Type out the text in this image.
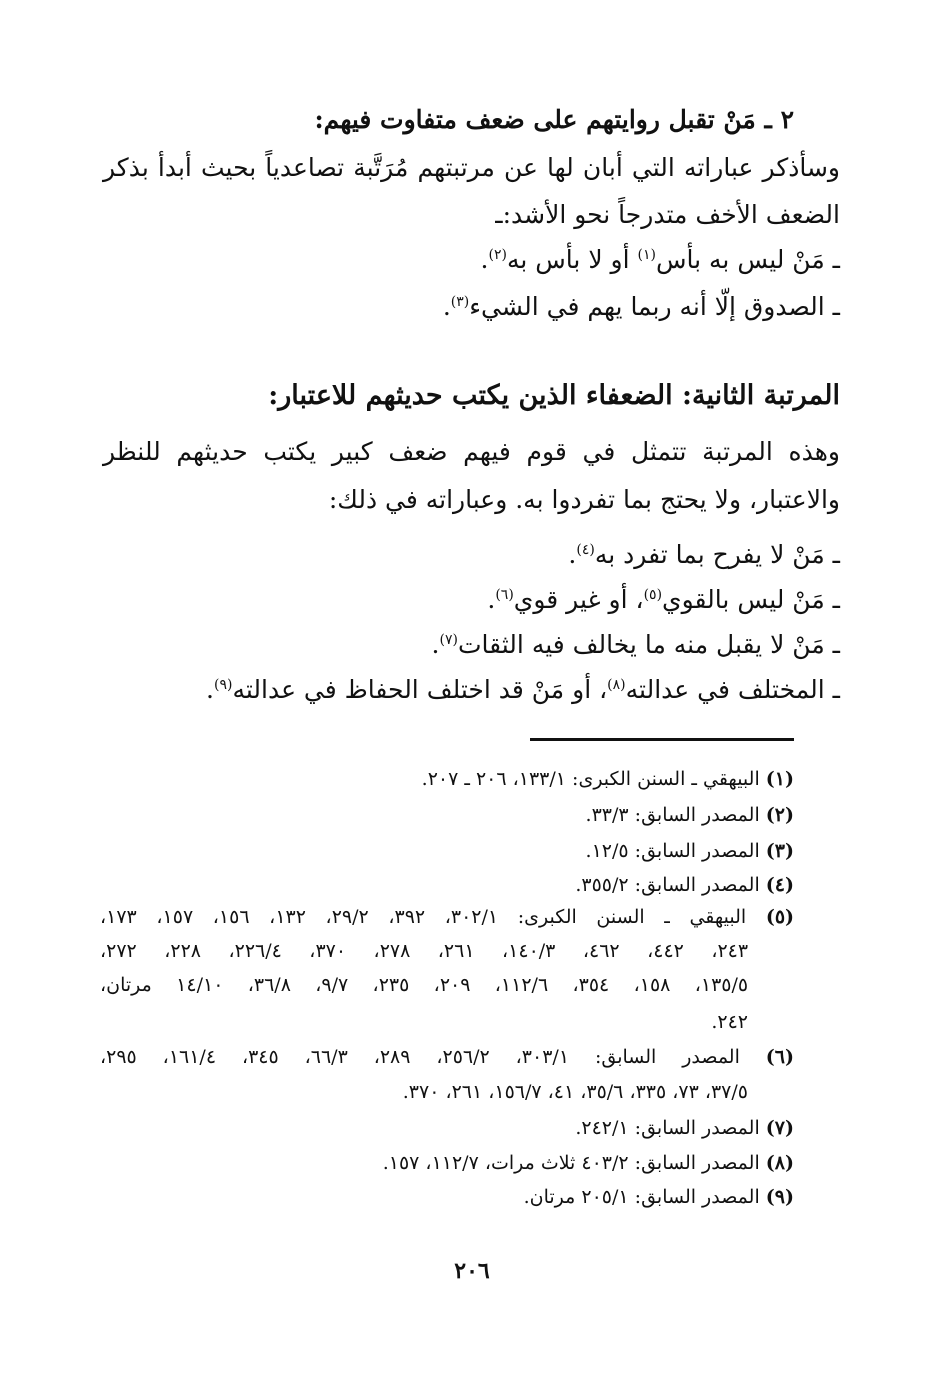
٢ ـ مَنْ تقبل روايتهم على ضعف متفاوت فيهم:
وسأذكر عباراته التي أبان لها عن مرتبتهم مُرَتَّبة تصاعدياً بحيث أبدأ بذكر
الضعف الأخف متدرجاً نحو الأشد:ـ
ـ مَنْ ليس به بأس$^{(١)}$ أو لا بأس به$^{(٢)}$.
ـ الصدوق إلّا أنه ربما يهم في الشيء$^{(٣)}$.
المرتبة الثانية: الضعفاء الذين يكتب حديثهم للاعتبار:
وهذه المرتبة تتمثل في قوم فيهم ضعف كبير يكتب حديثهم للنظر
والاعتبار، ولا يحتج بما تفردوا به. وعباراته في ذلك:
ـ مَنْ لا يفرح بما تفرد به$^{(٤)}$.
ـ مَنْ ليس بالقوي$^{(٥)}$، أو غير قوي$^{(٦)}$.
ـ مَنْ لا يقبل منه ما يخالف فيه الثقات$^{(٧)}$.
ـ المختلف في عدالته$^{(٨)}$، أو مَنْ قد اختلف الحفاظ في عدالته$^{(٩)}$.
(١) البيهقي ـ السنن الكبرى: ١٣٣/١، ٢٠٦ ـ ٢٠٧.
(٢) المصدر السابق: ٣٣/٣.
(٣) المصدر السابق: ١٢/٥.
(٤) المصدر السابق: ٣٥٥/٢.
(٥) البيهقي ـ السنن الكبرى: ٣٠٢/١، ٣٩٢، ٢٩/٢، ١٣٢، ١٥٦، ١٥٧، ١٧٣،
٢٤٣، ٤٤٢، ٤٦٢، ١٤٠/٣، ٢٦١، ٢٧٨، ٣٧٠، ٢٢٦/٤، ٢٢٨، ٢٧٢،
١٣٥/٥، ١٥٨، ٣٥٤، ١١٢/٦، ٢٠٩، ٢٣٥، ٩/٧، ٣٦/٨، ١٤/١٠ مرتان،
٢٤٢.
(٦) المصدر السابق: ٣٠٣/١، ٢٥٦/٢، ٢٨٩، ٦٦/٣، ٣٤٥، ١٦١/٤، ٢٩٥،
٣٧/٥، ٧٣، ٣٣٥، ٣٥/٦، ٤١، ١٥٦/٧، ٢٦١، ٣٧٠.
(٧) المصدر السابق: ٢٤٢/١.
(٨) المصدر السابق: ٤٠٣/٢ ثلاث مرات، ١١٢/٧، ١٥٧.
(٩) المصدر السابق: ٢٠٥/١ مرتان.
٢٠٦
